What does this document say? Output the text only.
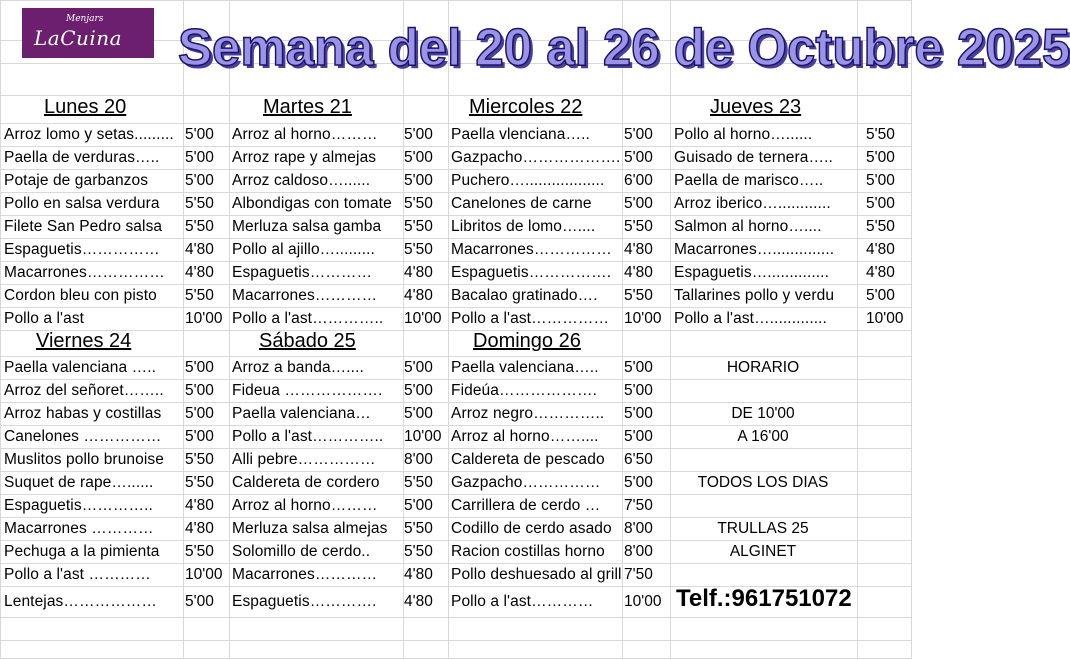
Menjars
LaCuina Semana del 20 al 26 de Octubre 2025
Lunes 20	Martes 21	Miercoles 22	Jueves 23
Arroz lomo y setas......... 5'00 Arroz al horno………	5'00 Paella vlenciana…..	5'00 Pollo al horno…......	5'50
Paella de verduras…..	5'00 Arroz rape y almejas	5'00 Gazpacho………………. 5'00 Guisado de ternera…..	5'00
Potaje de garbanzos	5'00 Arroz caldoso…......	5'00 Puchero…..................	6'00 Paella de marisco…..	5'00
Pollo en salsa verdura	5'50 Albondigas con tomate 5'50 Canelones de carne	5'00 Arroz iberico…............	5'00
Filete San Pedro salsa	5'50 Merluza salsa gamba	5'50 Libritos de lomo…....	5'50 Salmon al horno…....	5'50
Espaguetis……………	4'80 Pollo al ajillo….........	5'50 Macarrones…………… 4'80 Macarrones…..............	4'80
Macarrones……………	4'80 Espaguetis…………	4'80 Espaguetis……………. 4'80 Espaguetis…..............	4'80
Cordon bleu con pisto	5'50 Macarrones…………	4'80 Bacalao gratinado….	5'50 Tallarines pollo y verdu	5'00
Pollo a l'ast	10'00 Pollo a l'ast…………..	10'00 Pollo a l'ast…………… 10'00 Pollo a l'ast….............	10'00
Viernes 24	Sábado 25	Domingo 26
Paella valenciana …..	5'00 Arroz a banda…....	5'00 Paella valenciana…..	5'00
Arroz del señoret……..	5'00 Fideua ……………….	5'00 Fideúa……………….	5'00
Arroz habas y costillas	5'00 Paella valenciana…	5'00 Arroz negro…………..	5'00
Canelones ……………	5'00 Pollo a l'ast…………..	10'00 Arroz al horno……....	5'00
Muslitos pollo brunoise	5'50 Alli pebre……………	8'00 Caldereta de pescado	6'50
Suquet de rape…......	5'50 Caldereta de cordero	5'50 Gazpacho……………	5'00
Espaguetis…………..	4'80 Arroz al horno………	5'00 Carrillera de cerdo …	7'50
Macarrones …………	4'80 Merluza salsa almejas	5'50 Codillo de cerdo asado 8'00
Pechuga a la pimienta	5'50 Solomillo de cerdo..	5'50 Racion costillas horno	8'00
Pollo a l'ast …………	10'00 Macarrones…………	4'80 Pollo deshuesado al grill 7'50
Lentejas………………	5'00 Espaguetis………….	4'80 Pollo a l'ast…………	10'00
HORARIO
DE 10'00
A 16'00
TODOS LOS DIAS
TRULLAS 25
ALGINET
Telf.:961751072
